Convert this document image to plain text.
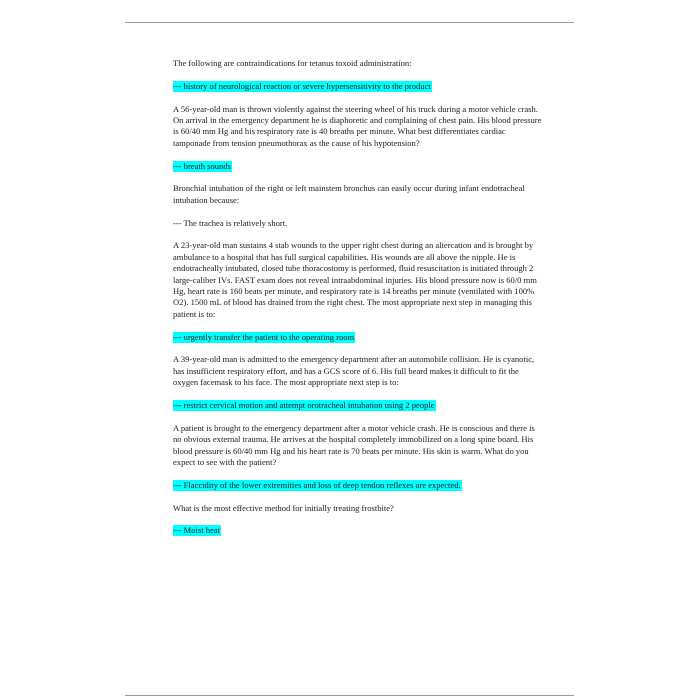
The following are contraindications for tetanus toxoid administration:
--- history of neurological reaction or severe hypersensitivity to the product
A 56-year-old man is thrown violently against the steering wheel of his truck during a motor vehicle crash. On arrival in the emergency department he is diaphoretic and complaining of chest pain. His blood pressure is 60/40 mm Hg and his respiratory rate is 40 breaths per minute. What best differentiates cardiac tamponade from tension pneumothorax as the cause of his hypotension?
--- breath sounds
Bronchial intubation of the right or left mainstem bronchus can easily occur during infant endotracheal intubation because:
--- The trachea is relatively short.
A 23-year-old man sustains 4 stab wounds to the upper right chest during an altercation and is brought by ambulance to a hospital that has full surgical capabilities. His wounds are all above the nipple. He is endotracheally intubated, closed tube thoracostomy is performed, fluid resuscitation is initiated through 2 large-caliber IVs. FAST exam does not reveal intraabdominal injuries. His blood pressure now is 60/0 mm Hg, heart rate is 160 beats per minute, and respiratory rate is 14 breaths per minute (ventilated with 100% O2). 1500 mL of blood has drained from the right chest. The most appropriate next step in managing this patient is to:
--- urgently transfer the patient to the operating room
A 39-year-old man is admitted to the emergency department after an automobile collision. He is cyanotic, has insufficient respiratory effort, and has a GCS score of 6. His full beard makes it difficult to fit the oxygen facemask to his face. The most appropriate next step is to:
--- restrict cervical motion and attempt orotracheal intubation using 2 people
A patient is brought to the emergency department after a motor vehicle crash. He is conscious and there is no obvious external trauma. He arrives at the hospital completely immobilized on a long spine board. His blood pressure is 60/40 mm Hg and his heart rate is 70 beats per minute. His skin is warm. What do you expect to see with the patient?
--- Flaccidity of the lower extremities and loss of deep tendon reflexes are expected.
What is the most effective method for initially treating frostbite?
--- Moist heat
